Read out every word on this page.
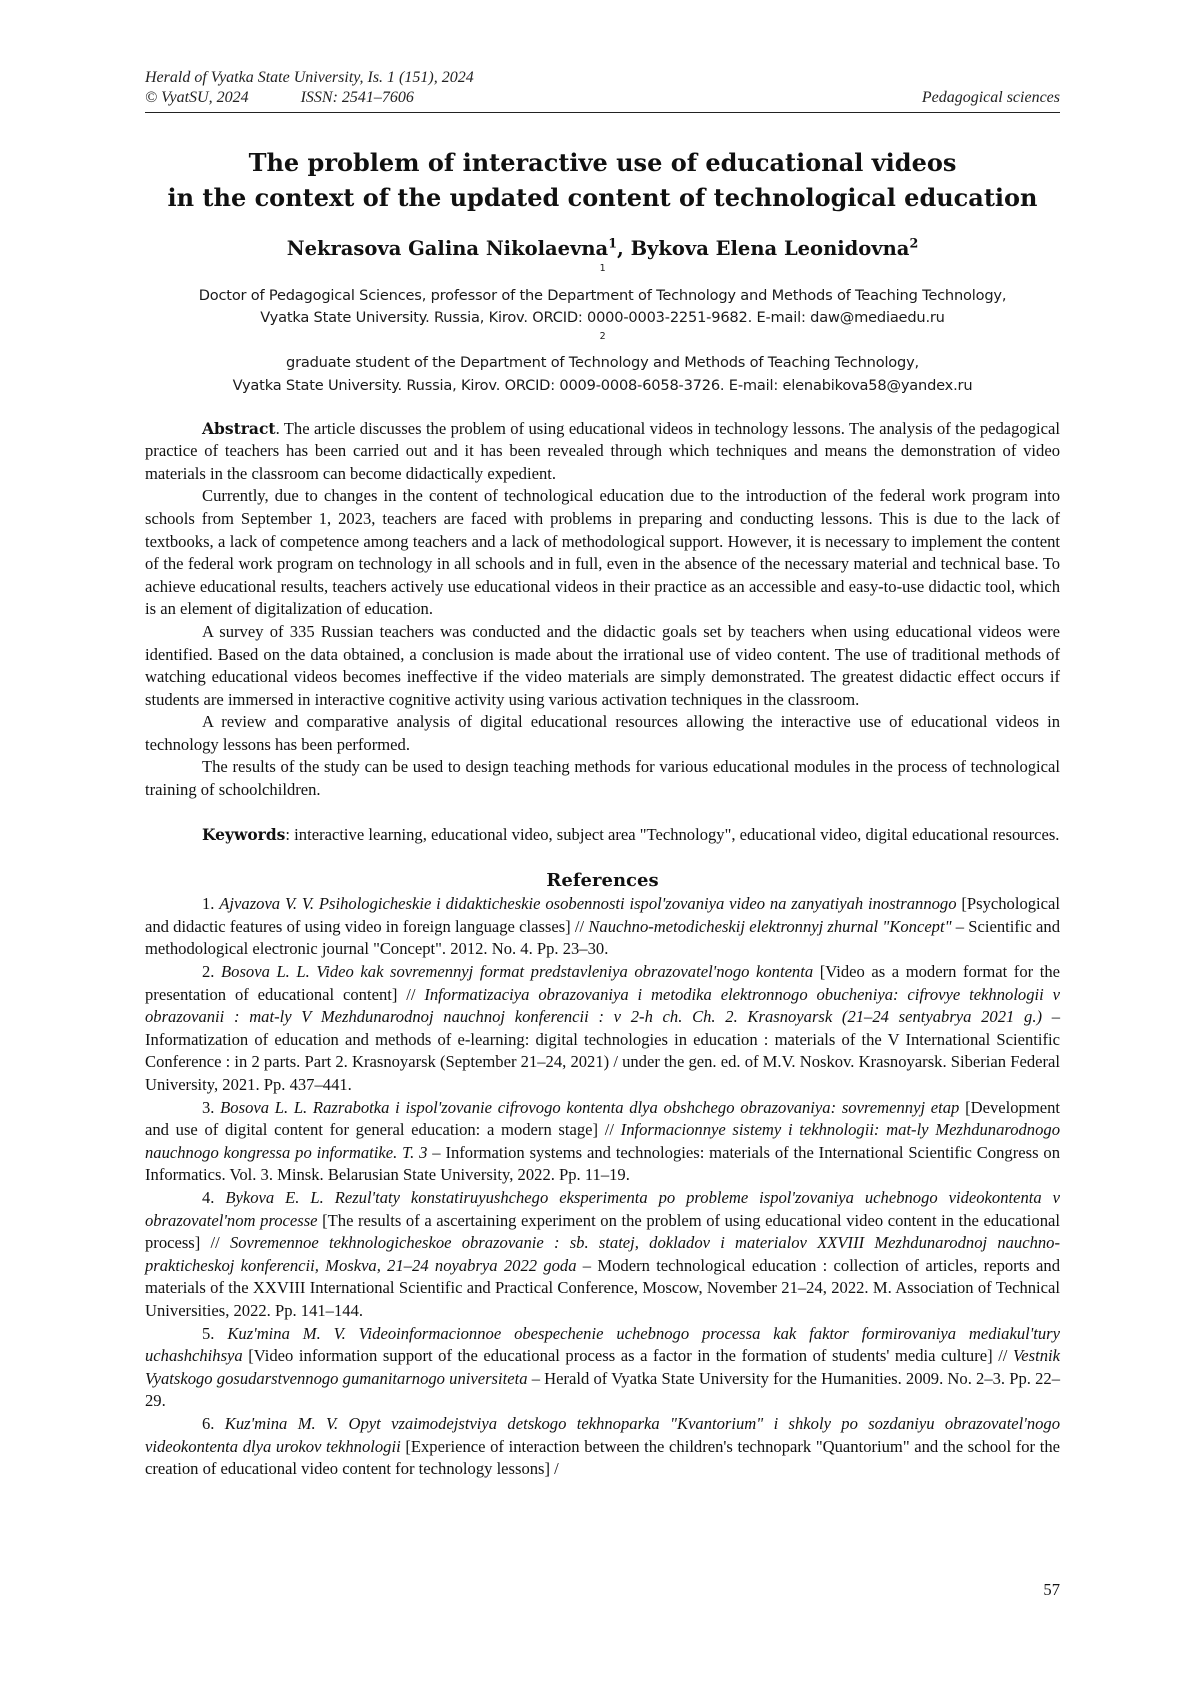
Herald of Vyatka State University, Is. 1 (151), 2024
© VyatSU, 2024	ISSN: 2541–7606	Pedagogical sciences
The problem of interactive use of educational videos
in the context of the updated content of technological education
Nekrasova Galina Nikolaevna$^1$, Bykova Elena Leonidovna$^2$
$^1$
Doctor of Pedagogical Sciences, professor of the Department of Technology and Methods of Teaching Technology,
Vyatka State University. Russia, Kirov. ORCID: 0000-0003-2251-9682. E-mail: daw@mediaedu.ru
$^2$
graduate student of the Department of Technology and Methods of Teaching Technology,
Vyatka State University. Russia, Kirov. ORCID: 0009-0008-6058-3726. E-mail: elenabikova58@yandex.ru

Abstract. The article discusses the problem of using educational videos in technology lessons. The analysis of the pedagogical practice of teachers has been carried out and it has been revealed through which techniques and means the demonstration of video materials in the classroom can become didactically expedient.

Currently, due to changes in the content of technological education due to the introduction of the federal work program into schools from September 1, 2023, teachers are faced with problems in preparing and conducting lessons. This is due to the lack of textbooks, a lack of competence among teachers and a lack of methodological support. However, it is necessary to implement the content of the federal work program on technology in all schools and in full, even in the absence of the necessary material and technical base. To achieve educational results, teachers actively use educational videos in their practice as an accessible and easy-to-use didactic tool, which is an element of digitalization of education.

A survey of 335 Russian teachers was conducted and the didactic goals set by teachers when using educational videos were identified. Based on the data obtained, a conclusion is made about the irrational use of video content. The use of traditional methods of watching educational videos becomes ineffective if the video materials are simply demonstrated. The greatest didactic effect occurs if students are immersed in interactive cognitive activity using various activation techniques in the classroom.

A review and comparative analysis of digital educational resources allowing the interactive use of educational videos in technology lessons has been performed.

The results of the study can be used to design teaching methods for various educational modules in the process of technological training of schoolchildren.

Keywords: interactive learning, educational video, subject area "Technology", educational video, digital educational resources.
References

1. Ajvazova V. V. Psihologicheskie i didakticheskie osobennosti ispol'zovaniya video na zanyatiyah inostrannogo [Psychological and didactic features of using video in foreign language classes] // Nauchno-metodicheskij elektronnyj zhurnal "Koncept" – Scientific and methodological electronic journal "Concept". 2012. No. 4. Pp. 23–30.

2. Bosova L. L. Video kak sovremennyj format predstavleniya obrazovatel'nogo kontenta [Video as a modern format for the presentation of educational content] // Informatizaciya obrazovaniya i metodika elektronnogo obucheniya: cifrovye tekhnologii v obrazovanii : mat-ly V Mezhdunarodnoj nauchnoj konferencii : v 2-h ch. Ch. 2. Krasnoyarsk (21–24 sentyabrya 2021 g.) – Informatization of education and methods of e-learning: digital technologies in education : materials of the V International Scientific Conference : in 2 parts. Part 2. Krasnoyarsk (September 21–24, 2021) / under the gen. ed. of M.V. Noskov. Krasnoyarsk. Siberian Federal University, 2021. Pp. 437–441.

3. Bosova L. L. Razrabotka i ispol'zovanie cifrovogo kontenta dlya obshchego obrazovaniya: sovremennyj etap [Development and use of digital content for general education: a modern stage] // Informacionnye sistemy i tekhnologii: mat-ly Mezhdunarodnogo nauchnogo kongressa po informatike. T. 3 – Information systems and technologies: materials of the International Scientific Congress on Informatics. Vol. 3. Minsk. Belarusian State University, 2022. Pp. 11–19.

4. Bykova E. L. Rezul'taty konstatiruyushchego eksperimenta po probleme ispol'zovaniya uchebnogo videokontenta v obrazovatel'nom processe [The results of a ascertaining experiment on the problem of using educational video content in the educational process] // Sovremennoe tekhnologicheskoe obrazovanie : sb. statej, dokladov i materialov XXVIII Mezhdunarodnoj nauchno-prakticheskoj konferencii, Moskva, 21–24 noyabrya 2022 goda – Modern technological education : collection of articles, reports and materials of the XXVIII International Scientific and Practical Conference, Moscow, November 21–24, 2022. M. Association of Technical Universities, 2022. Pp. 141–144.

5. Kuz'mina M. V. Videoinformacionnoe obespechenie uchebnogo processa kak faktor formirovaniya mediakul'tury uchashchihsya [Video information support of the educational process as a factor in the formation of students' media culture] // Vestnik Vyatskogo gosudarstvennogo gumanitarnogo universiteta – Herald of Vyatka State University for the Humanities. 2009. No. 2–3. Pp. 22–29.

6. Kuz'mina M. V. Opyt vzaimodejstviya detskogo tekhnoparka "Kvantorium" i shkoly po sozdaniyu obrazovatel'nogo videokontenta dlya urokov tekhnologii [Experience of interaction between the children's technopark "Quantorium" and the school for the creation of educational video content for technology lessons] /

57
